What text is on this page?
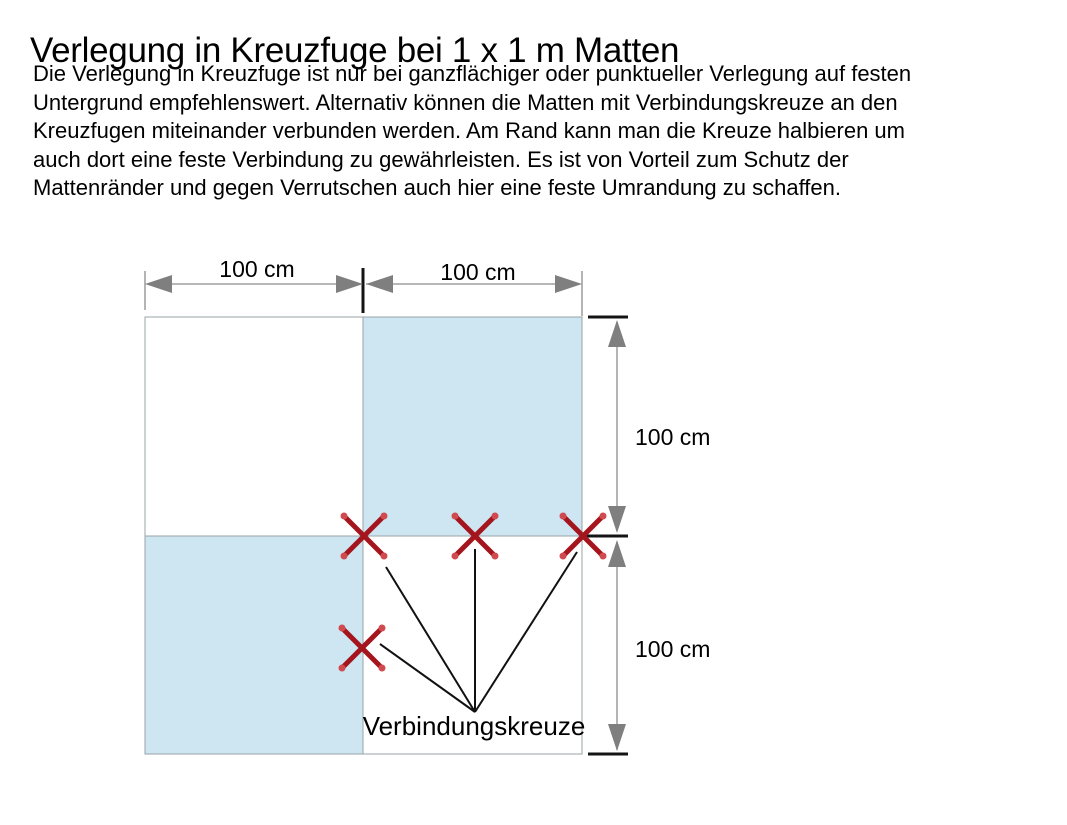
Verlegung in Kreuzfuge bei 1 x 1 m Matten
Die Verlegung in Kreuzfuge ist nur bei ganzflächiger oder punktueller Verlegung auf festen
Untergrund empfehlenswert. Alternativ können die Matten mit Verbindungskreuze an den
Kreuzfugen miteinander verbunden werden. Am Rand kann man die Kreuze halbieren um
auch dort eine feste Verbindung zu gewährleisten. Es ist von Vorteil zum Schutz der
Mattenränder und gegen Verrutschen auch hier eine feste Umrandung zu schaffen.
100 cm	100 cm
100 cm
100 cm
Verbindungskreuze
